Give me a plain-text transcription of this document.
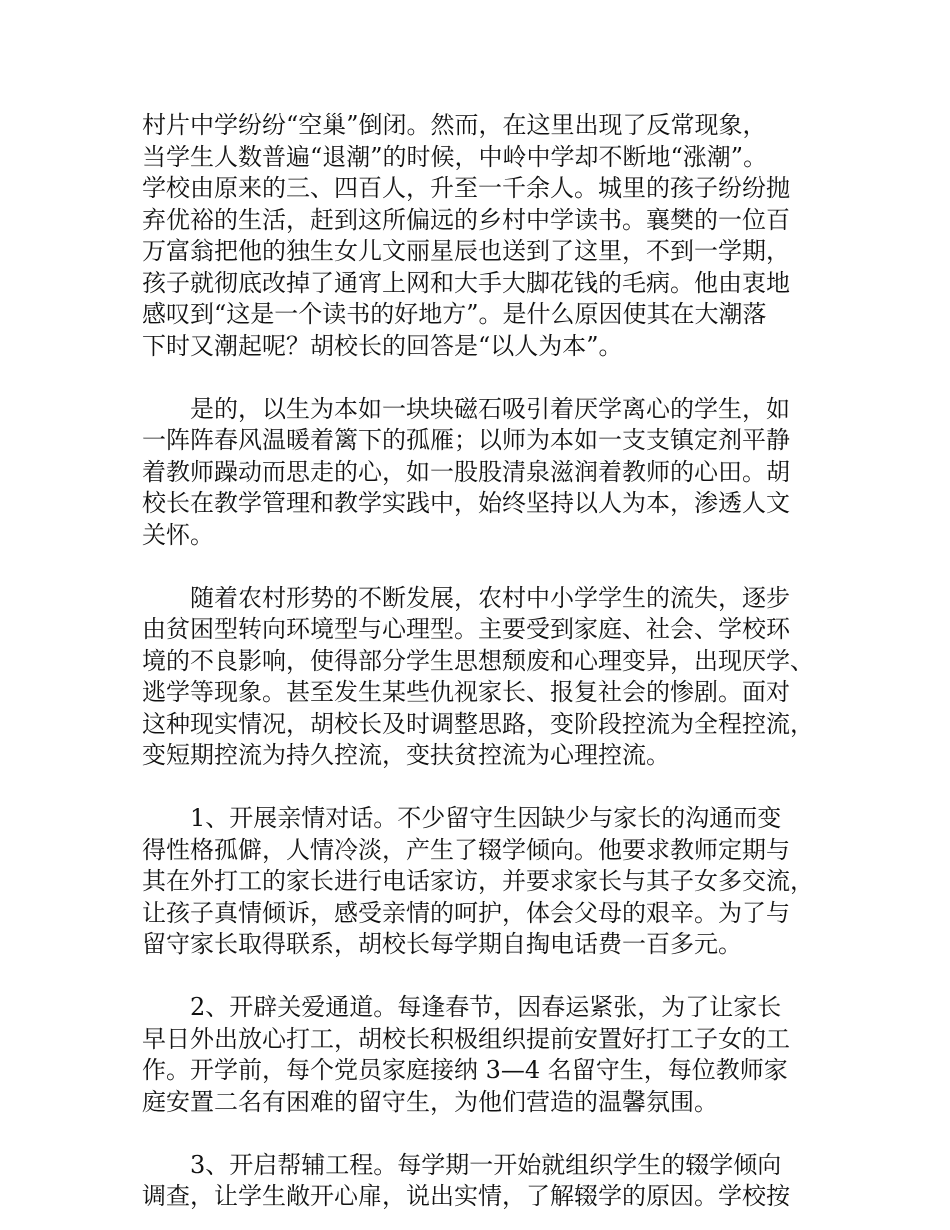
村片中学纷纷“空巢”倒闭。然而，在这里出现了反常现象，
当学生人数普遍“退潮”的时候，中岭中学却不断地“涨潮”。
学校由原来的三、四百人，升至一千余人。城里的孩子纷纷抛
弃优裕的生活，赶到这所偏远的乡村中学读书。襄樊的一位百
万富翁把他的独生女儿文丽星辰也送到了这里，不到一学期，
孩子就彻底改掉了通宵上网和大手大脚花钱的毛病。他由衷地
感叹到“这是一个读书的好地方”。是什么原因使其在大潮落
下时又潮起呢？胡校长的回答是“以人为本”。
是的，以生为本如一块块磁石吸引着厌学离心的学生，如
一阵阵春风温暖着篱下的孤雁；以师为本如一支支镇定剂平静
着教师躁动而思走的心，如一股股清泉滋润着教师的心田。胡
校长在教学管理和教学实践中，始终坚持以人为本，渗透人文
关怀。
随着农村形势的不断发展，农村中小学学生的流失，逐步
由贫困型转向环境型与心理型。主要受到家庭、社会、学校环
境的不良影响，使得部分学生思想颓废和心理变异，出现厌学、
逃学等现象。甚至发生某些仇视家长、报复社会的惨剧。面对
这种现实情况，胡校长及时调整思路，变阶段控流为全程控流，
变短期控流为持久控流，变扶贫控流为心理控流。
1、开展亲情对话。不少留守生因缺少与家长的沟通而变
得性格孤僻，人情冷淡，产生了辍学倾向。他要求教师定期与
其在外打工的家长进行电话家访，并要求家长与其子女多交流，
让孩子真情倾诉，感受亲情的呵护，体会父母的艰辛。为了与
留守家长取得联系，胡校长每学期自掏电话费一百多元。
2、开辟关爱通道。每逢春节，因春运紧张，为了让家长
早日外出放心打工，胡校长积极组织提前安置好打工子女的工
作。开学前，每个党员家庭接纳 3—4 名留守生，每位教师家
庭安置二名有困难的留守生，为他们营造的温馨氛围。
3、开启帮辅工程。每学期一开始就组织学生的辍学倾向
调查，让学生敞开心扉，说出实情，了解辍学的原因。学校按
